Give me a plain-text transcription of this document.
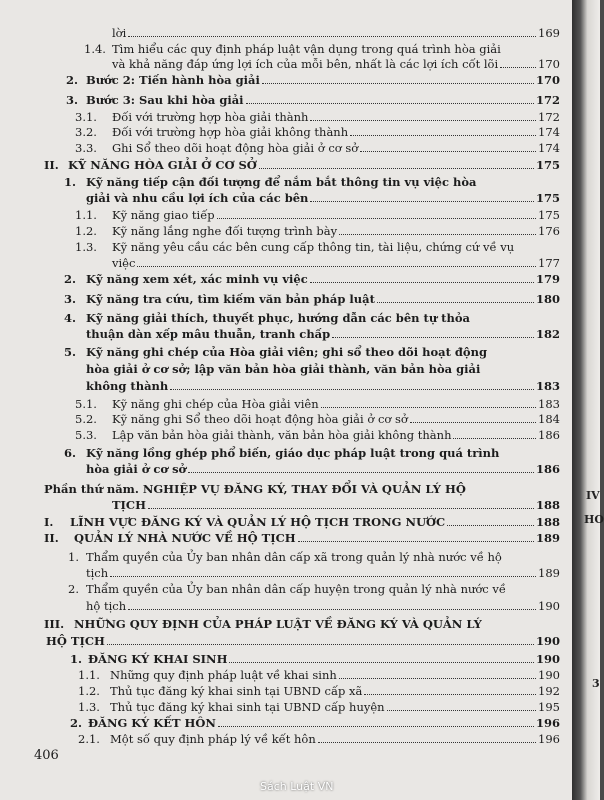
lời	169
1.4. Tìm hiểu các quy định pháp luật vận dụng trong quá trình hòa giải
và khả năng đáp ứng lợi ích của mỗi bên, nhất là các lợi ích cốt lõi	170
2. Bước 2: Tiến hành hòa giải	170
3. Bước 3: Sau khi hòa giải	172
3.1. Đối với trường hợp hòa giải thành	172
3.2. Đối với trường hợp hòa giải không thành	174
3.3. Ghi Sổ theo dõi hoạt động hòa giải ở cơ sở	174
II. KỸ NĂNG HÒA GIẢI Ở CƠ SỞ	175
1. Kỹ năng tiếp cận đối tượng để nắm bắt thông tin vụ việc hòa
giải và nhu cầu lợi ích của các bên	175
1.1. Kỹ năng giao tiếp	175
1.2. Kỹ năng lắng nghe đối tượng trình bày	176
1.3. Kỹ năng yêu cầu các bên cung cấp thông tin, tài liệu, chứng cứ về vụ
việc	177
2. Kỹ năng xem xét, xác minh vụ việc	179
3. Kỹ năng tra cứu, tìm kiếm văn bản pháp luật	180
4. Kỹ năng giải thích, thuyết phục, hướng dẫn các bên tự thỏa
thuận dàn xếp mâu thuẫn, tranh chấp	182
5. Kỹ năng ghi chép của Hòa giải viên; ghi sổ theo dõi hoạt động
hòa giải ở cơ sở; lập văn bản hòa giải thành, văn bản hòa giải
không thành	183
5.1. Kỹ năng ghi chép của Hòa giải viên	183
5.2. Kỹ năng ghi Sổ theo dõi hoạt động hòa giải ở cơ sở	184
5.3. Lập văn bản hòa giải thành, văn bản hòa giải không thành	186
6. Kỹ năng lồng ghép phổ biến, giáo dục pháp luật trong quá trình
hòa giải ở cơ sở	186
Phần thứ năm. NGHIỆP VỤ ĐĂNG KÝ, THAY ĐỔI VÀ QUẢN LÝ HỘ
TỊCH	188
I. LĨNH VỰC ĐĂNG KÝ VÀ QUẢN LÝ HỘ TỊCH TRONG NƯỚC	188
II. QUẢN LÝ NHÀ NƯỚC VỀ HỘ TỊCH	189
1. Thẩm quyền của Ủy ban nhân dân cấp xã trong quản lý nhà nước về hộ
tịch	189
2. Thẩm quyền của Ủy ban nhân dân cấp huyện trong quản lý nhà nước về
hộ tịch	190
III. NHỮNG QUY ĐỊNH CỦA PHÁP LUẬT VỀ ĐĂNG KÝ VÀ QUẢN LÝ
HỘ TỊCH	190
1. ĐĂNG KÝ KHAI SINH	190
1.1. Những quy định pháp luật về khai sinh	190
1.2. Thủ tục đăng ký khai sinh tại UBND cấp xã	192
1.3. Thủ tục đăng ký khai sinh tại UBND cấp huyện	195
2. ĐĂNG KÝ KẾT HÔN	196
2.1. Một số quy định pháp lý về kết hôn	196
406
IV
HO
3
Sách Luật VN
